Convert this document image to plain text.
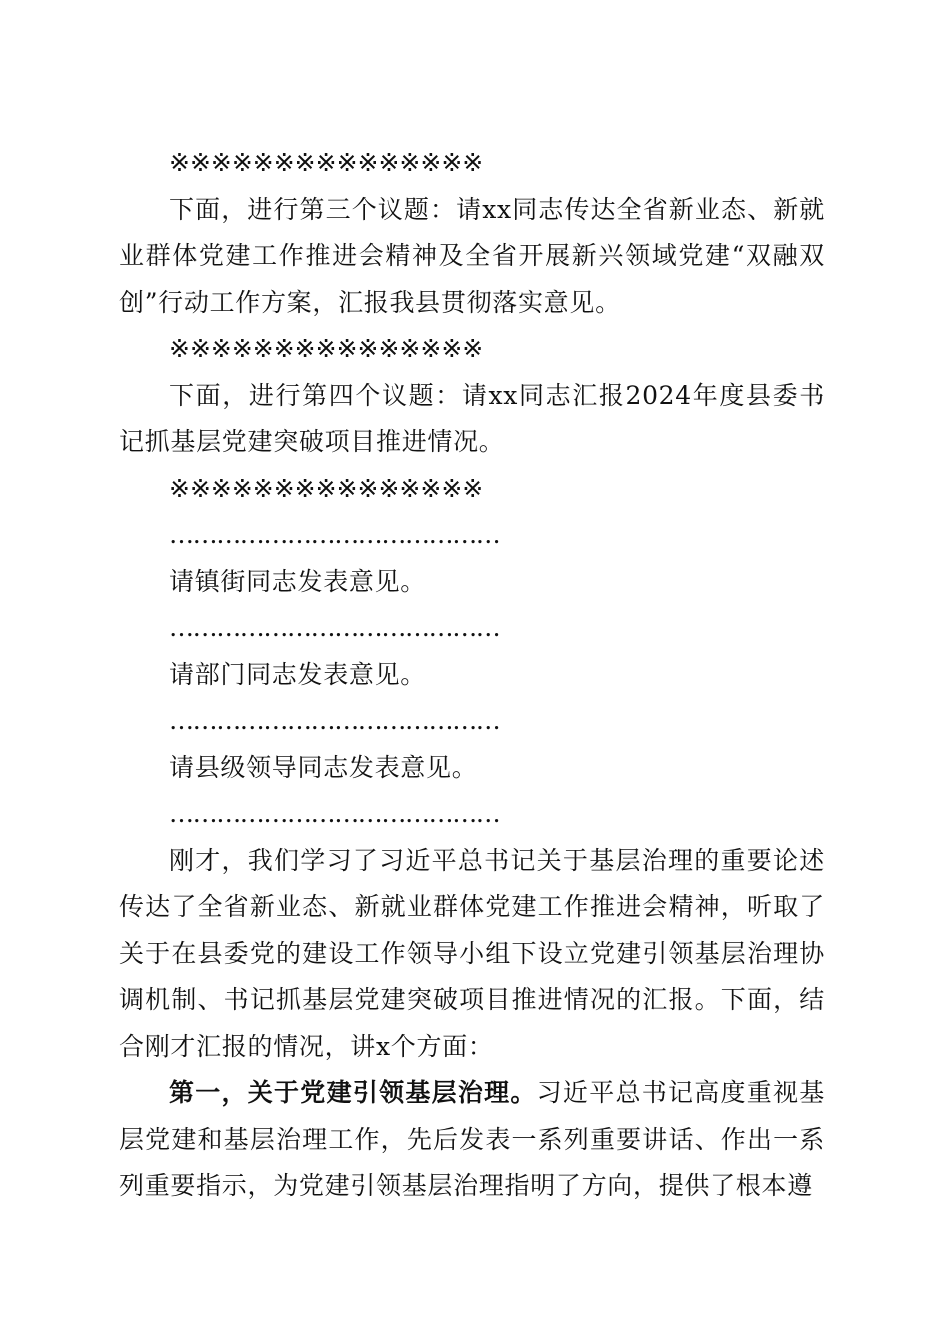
※※※※※※※※※※※※※※※

下面，进行第三个议题：请xx同志传达全省新业态、新就业群体党建工作推进会精神及全省开展新兴领域党建“双融双创”行动工作方案，汇报我县贯彻落实意见。

※※※※※※※※※※※※※※※

下面，进行第四个议题：请xx同志汇报2024年度县委书记抓基层党建突破项目推进情况。

※※※※※※※※※※※※※※※

……………………………………

请镇街同志发表意见。

……………………………………

请部门同志发表意见。

……………………………………

请县级领导同志发表意见。

……………………………………

刚才，我们学习了习近平总书记关于基层治理的重要论述传达了全省新业态、新就业群体党建工作推进会精神，听取了关于在县委党的建设工作领导小组下设立党建引领基层治理协调机制、书记抓基层党建突破项目推进情况的汇报。下面，结合刚才汇报的情况，讲x个方面：

第一，关于党建引领基层治理。习近平总书记高度重视基层党建和基层治理工作，先后发表一系列重要讲话、作出一系列重要指示，为党建引领基层治理指明了方向，提供了根本遵
